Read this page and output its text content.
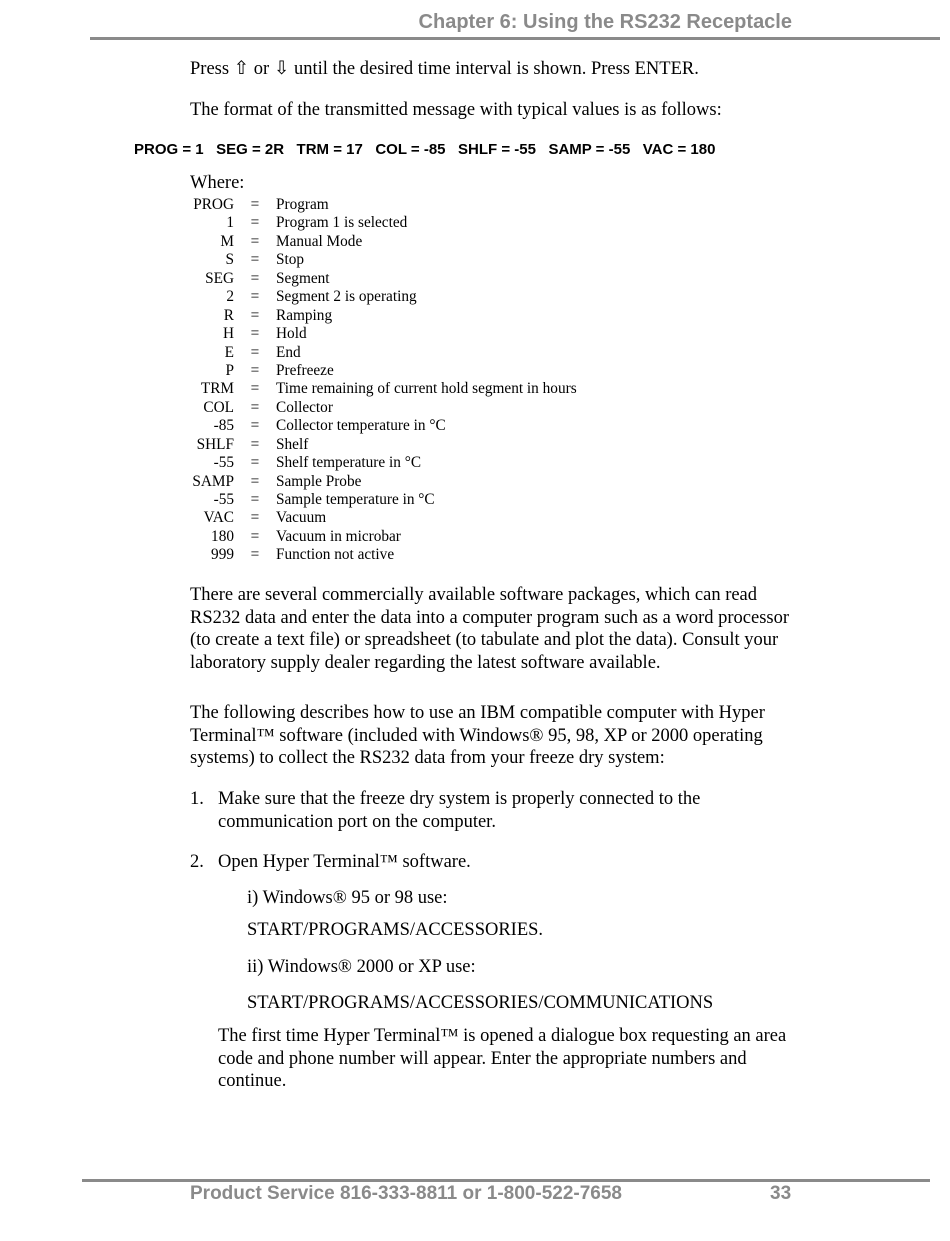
Chapter 6: Using the RS232 Receptacle

Press ⇧ or ⇩ until the desired time interval is shown. Press ENTER.

The format of the transmitted message with typical values is as follows:

PROG = 1   SEG = 2R   TRM = 17   COL = -85   SHLF = -55   SAMP = -55   VAC = 180
Where:
PROG	=	Program
1	=	Program 1 is selected
M	=	Manual Mode
S	=	Stop
SEG	=	Segment
2	=	Segment 2 is operating
R	=	Ramping
H	=	Hold
E	=	End
P	=	Prefreeze
TRM	=	Time remaining of current hold segment in hours
COL	=	Collector
-85	=	Collector temperature in °C
SHLF	=	Shelf
-55	=	Shelf temperature in °C
SAMP	=	Sample Probe
-55	=	Sample temperature in °C
VAC	=	Vacuum
180	=	Vacuum in microbar
999	=	Function not active

There are several commercially available software packages, which can read RS232 data and enter the data into a computer program such as a word processor (to create a text file) or spreadsheet (to tabulate and plot the data). Consult your laboratory supply dealer regarding the latest software available.

The following describes how to use an IBM compatible computer with Hyper Terminal™ software (included with Windows® 95, 98, XP or 2000 operating systems) to collect the RS232 data from your freeze dry system:

1. Make sure that the freeze dry system is properly connected to the communication port on the computer.
2. Open Hyper Terminal™ software.
i) Windows® 95 or 98 use:
START/PROGRAMS/ACCESSORIES.
ii) Windows® 2000 or XP use:
START/PROGRAMS/ACCESSORIES/COMMUNICATIONS

The first time Hyper Terminal™ is opened a dialogue box requesting an area code and phone number will appear. Enter the appropriate numbers and continue.

Product Service 816-333-8811 or 1-800-522-7658	33
